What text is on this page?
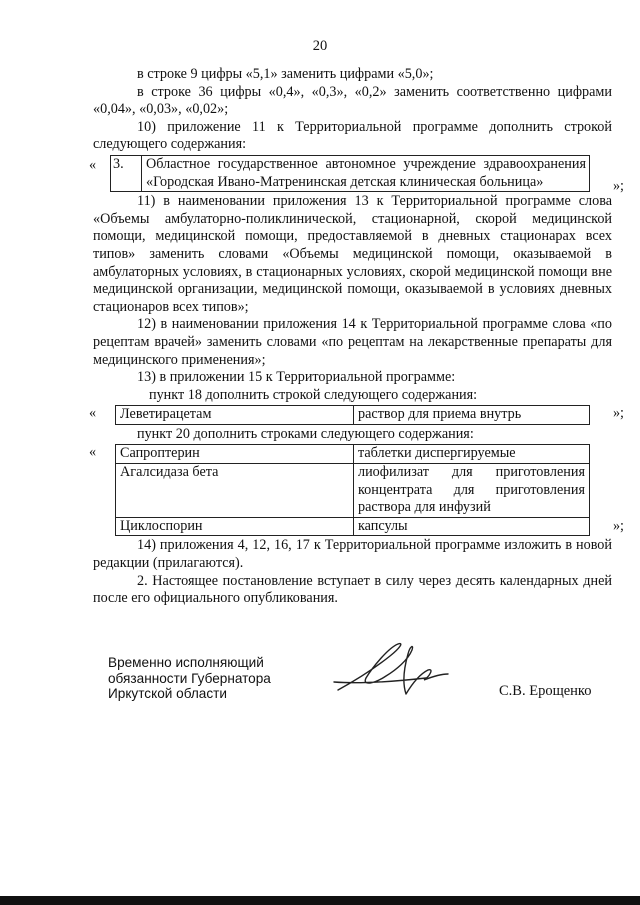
20

в строке 9 цифры «5,1» заменить цифрами «5,0»;

в строке 36 цифры «0,4», «0,3», «0,2» заменить соответственно цифрами «0,04», «0,03», «0,02»;

10) приложение 11 к Территориальной программе дополнить строкой следующего содержания:

« 3.	Областное государственное автономное учреждение здравоохранения «Городская Ивано-Матренинская детская клиническая больница»	»;

11) в наименовании приложения 13 к Территориальной программе слова «Объемы амбулаторно-поликлинической, стационарной, скорой медицинской помощи, медицинской помощи, предоставляемой в дневных стационарах всех типов» заменить словами «Объемы медицинской помощи, оказываемой в амбулаторных условиях, в стационарных условиях, скорой медицинской помощи вне медицинской организации, медицинской помощи, оказываемой в условиях дневных стационаров всех типов»;

12) в наименовании приложения 14 к Территориальной программе слова «по рецептам врачей» заменить словами «по рецептам на лекарственные препараты для медицинского применения»;

13) в приложении 15 к Территориальной программе:

пункт 18 дополнить строкой следующего содержания:

« Леветирацетам	раствор для приема внутрь	»;

пункт 20 дополнить строками следующего содержания:

« Сапроптерин	таблетки диспергируемые
Агалсидаза бета	лиофилизат для приготовления концентрата для приготовления раствора для инфузий
Циклоспорин	капсулы	»;

14) приложения 4, 12, 16, 17 к Территориальной программе изложить в новой редакции (прилагаются).

2. Настоящее постановление вступает в силу через десять календарных дней после его официального опубликования.

Временно исполняющий
обязанности Губернатора
Иркутской области	С.В. Ерощенко
